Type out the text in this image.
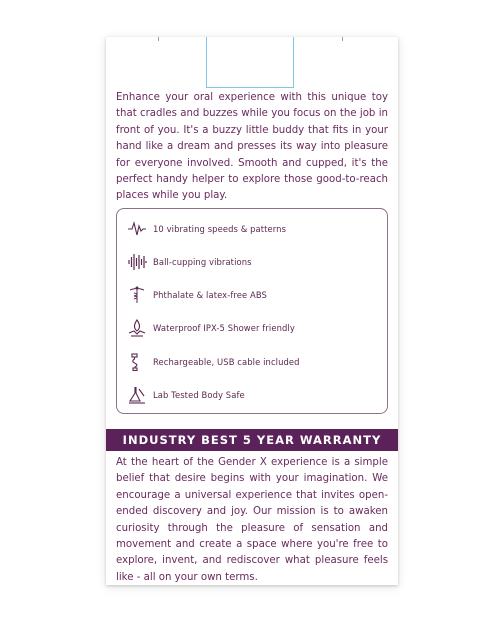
Enhance your oral experience with this unique toy that cradles and buzzes while you focus on the job in front of you. It's a buzzy little buddy that fits in your hand like a dream and presses its way into pleasure for everyone involved. Smooth and cupped, it's the perfect handy helper to explore those good-to-reach places while you play.

10 vibrating speeds & patterns
Ball-cupping vibrations
Phthalate & latex-free ABS
Waterproof IPX-5 Shower friendly
Rechargeable, USB cable included
Lab Tested Body Safe
INDUSTRY BEST 5 YEAR WARRANTY

At the heart of the Gender X experience is a simple belief that desire begins with your imagination. We encourage a universal experience that invites open-ended discovery and joy. Our mission is to awaken curiosity through the pleasure of sensation and movement and create a space where you're free to explore, invent, and rediscover what pleasure feels like - all on your own terms.
